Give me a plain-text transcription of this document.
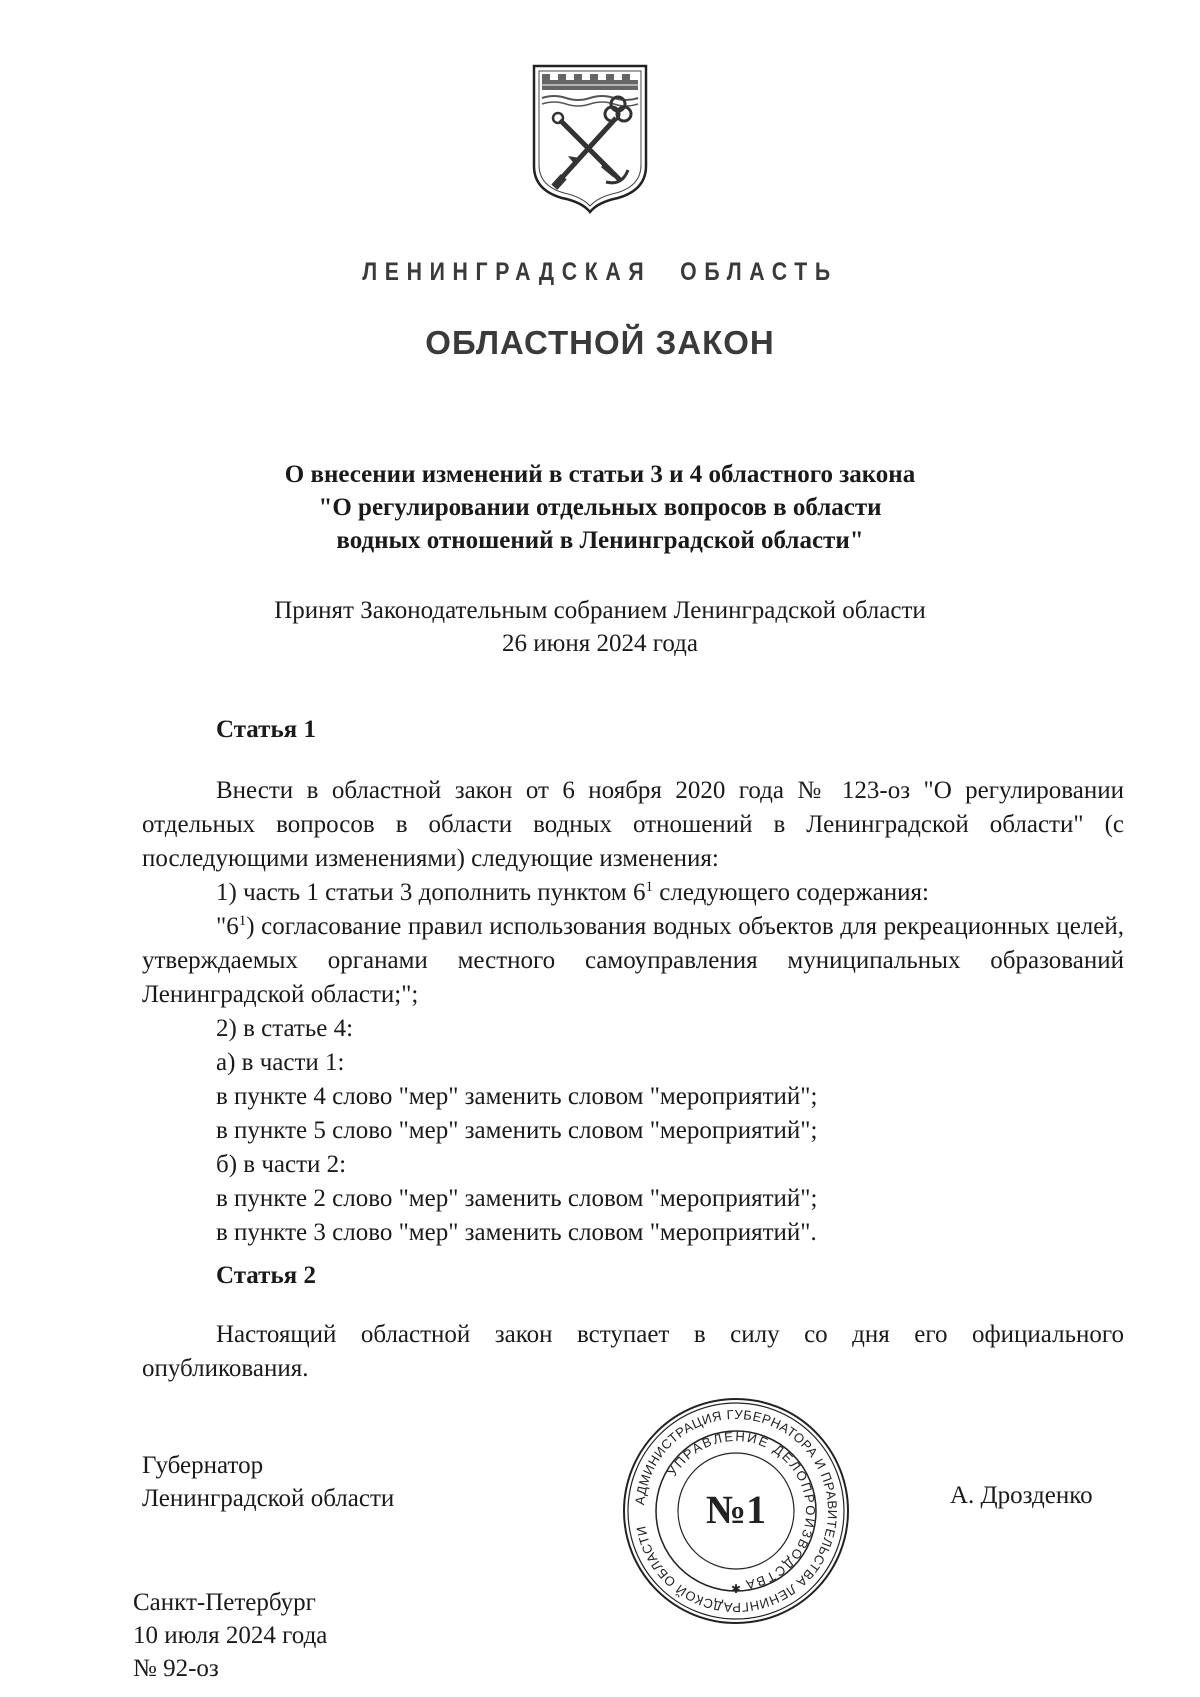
ЛЕНИНГРАДСКАЯ ОБЛАСТЬ
ОБЛАСТНОЙ ЗАКОН
О внесении изменений в статьи 3 и 4 областного закона
"О регулировании отдельных вопросов в области
водных отношений в Ленинградской области"
Принят Законодательным собранием Ленинградской области
26 июня 2024 года
Статья 1

Внести в областной закон от 6 ноября 2020 года № 123-оз "О регулировании отдельных вопросов в области водных отношений в Ленинградской области" (с последующими изменениями) следующие изменения:

1) часть 1 статьи 3 дополнить пунктом $6^1$ следующего содержания:

"$6^1$) согласование правил использования водных объектов для рекреационных целей, утверждаемых органами местного самоуправления муниципальных образований Ленинградской области;";

2) в статье 4:

а) в части 1:

в пункте 4 слово "мер" заменить словом "мероприятий";

в пункте 5 слово "мер" заменить словом "мероприятий";

б) в части 2:

в пункте 2 слово "мер" заменить словом "мероприятий";

в пункте 3 слово "мер" заменить словом "мероприятий".

Статья 2

Настоящий областной закон вступает в силу со дня его официального опубликования.

Губернатор
Ленинградской области	А. Дрозденко
АДМИНИСТРАЦИЯ ГУБЕРНАТОРА И ПРАВИТЕЛЬСТВА ЛЕНИНГРАДСКОЙ ОБЛАСТИ
УПРАВЛЕНИЕ ДЕЛОПРОИЗВОДСТВА
№1
✱
Санкт-Петербург
10 июля 2024 года
№ 92-оз
